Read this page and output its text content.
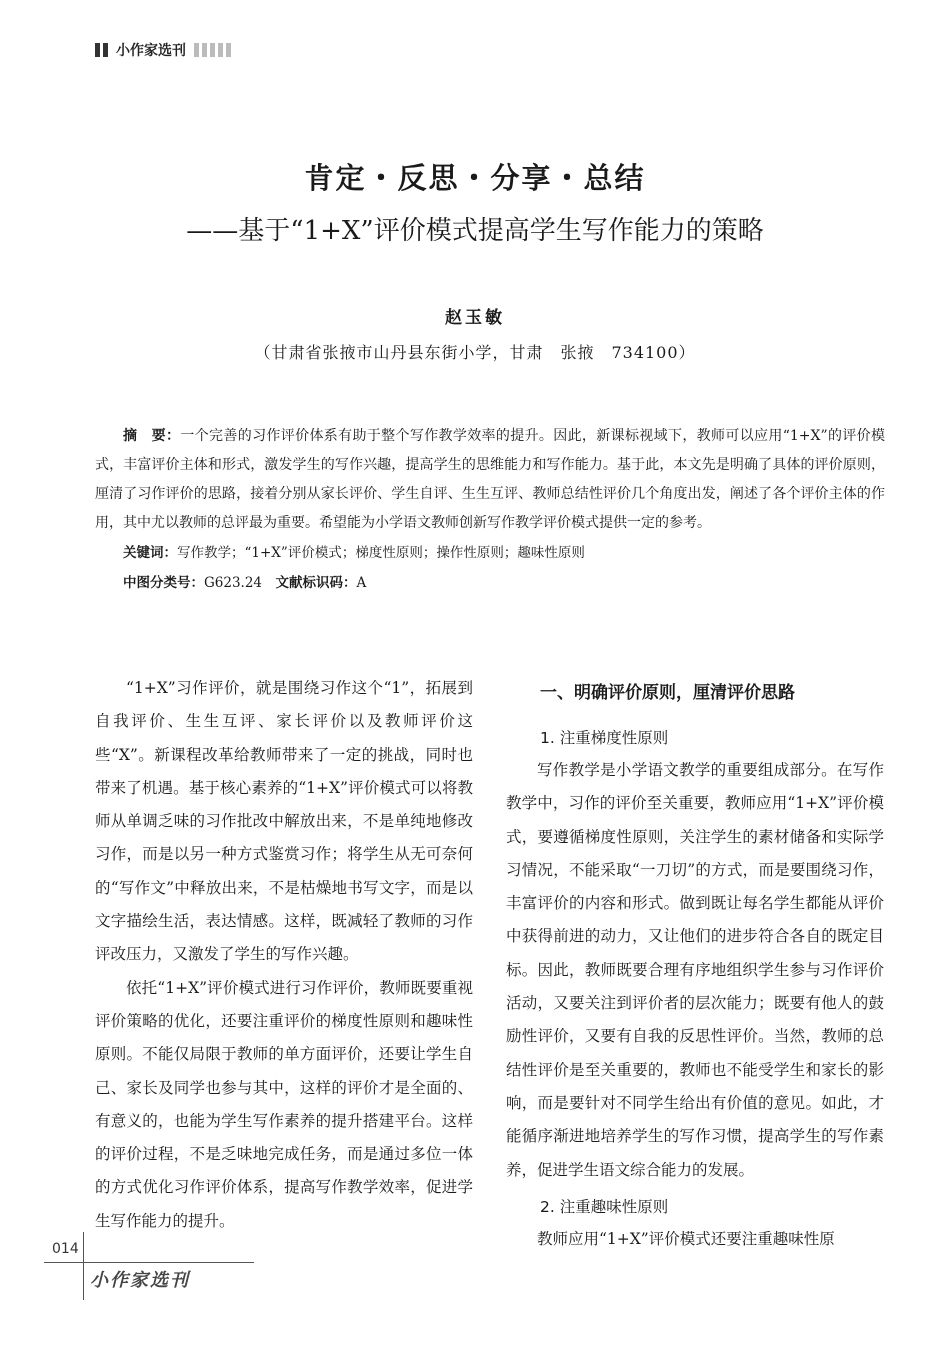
小作家选刊
肯定・反思・分享・总结
——基于“1+X”评价模式提高学生写作能力的策略
赵玉敏
（甘肃省张掖市山丹县东街小学，甘肃　张掖　734100）

摘　要：一个完善的习作评价体系有助于整个写作教学效率的提升。因此，新课标视域下，教师可以应用“1+X”的评价模式，丰富评价主体和形式，激发学生的写作兴趣，提高学生的思维能力和写作能力。基于此，本文先是明确了具体的评价原则，厘清了习作评价的思路，接着分别从家长评价、学生自评、生生互评、教师总结性评价几个角度出发，阐述了各个评价主体的作用，其中尤以教师的总评最为重要。希望能为小学语文教师创新写作教学评价模式提供一定的参考。

关键词：写作教学；“1+X”评价模式；梯度性原则；操作性原则；趣味性原则

中图分类号：G623.24　 文献标识码：A

“1+X”习作评价，就是围绕习作这个“1”，拓展到自我评价、生生互评、家长评价以及教师评价这些“X”。新课程改革给教师带来了一定的挑战，同时也带来了机遇。基于核心素养的“1+X”评价模式可以将教师从单调乏味的习作批改中解放出来，不是单纯地修改习作，而是以另一种方式鉴赏习作；将学生从无可奈何的“写作文”中释放出来，不是枯燥地书写文字，而是以文字描绘生活，表达情感。这样，既减轻了教师的习作评改压力，又激发了学生的写作兴趣。

依托“1+X”评价模式进行习作评价，教师既要重视评价策略的优化，还要注重评价的梯度性原则和趣味性原则。不能仅局限于教师的单方面评价，还要让学生自己、家长及同学也参与其中，这样的评价才是全面的、有意义的，也能为学生写作素养的提升搭建平台。这样的评价过程，不是乏味地完成任务，而是通过多位一体的方式优化习作评价体系，提高写作教学效率，促进学生写作能力的提升。

一、明确评价原则，厘清评价思路
1. 注重梯度性原则

写作教学是小学语文教学的重要组成部分。在写作教学中，习作的评价至关重要，教师应用“1+X”评价模式，要遵循梯度性原则，关注学生的素材储备和实际学习情况，不能采取“一刀切”的方式，而是要围绕习作，丰富评价的内容和形式。做到既让每名学生都能从评价中获得前进的动力，又让他们的进步符合各自的既定目标。因此，教师既要合理有序地组织学生参与习作评价活动，又要关注到评价者的层次能力；既要有他人的鼓励性评价，又要有自我的反思性评价。当然，教师的总结性评价是至关重要的，教师也不能受学生和家长的影响，而是要针对不同学生给出有价值的意见。如此，才能循序渐进地培养学生的写作习惯，提高学生的写作素养，促进学生语文综合能力的发展。

2. 注重趣味性原则

教师应用“1+X”评价模式还要注重趣味性原

014
小作家选刊
